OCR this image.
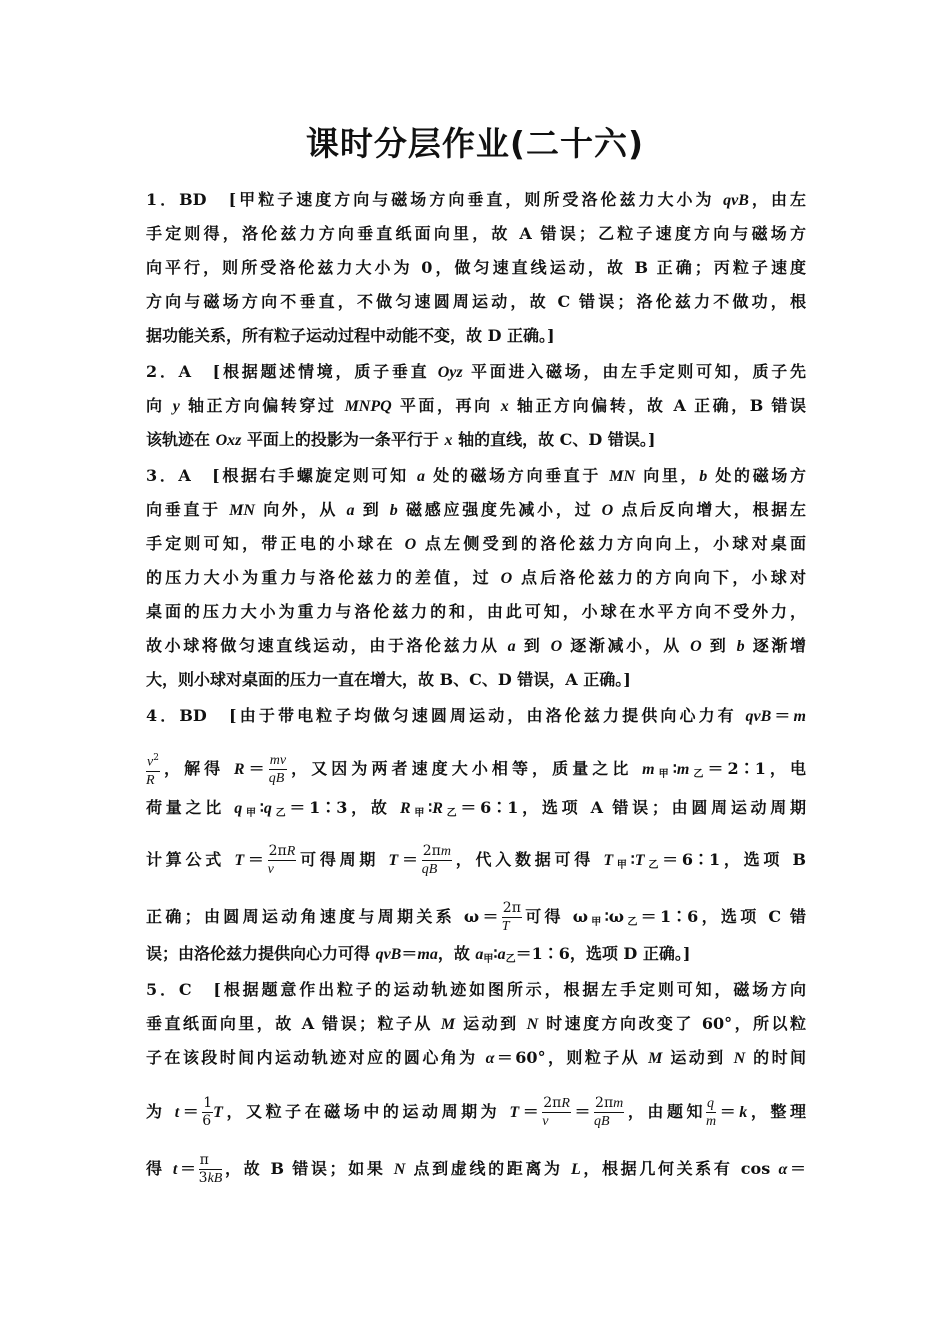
课时分层作业(二十六)
1．BD　[甲粒子速度方向与磁场方向垂直，则所受洛伦兹力大小为 qvB，由左
手定则得，洛伦兹力方向垂直纸面向里，故 A 错误；乙粒子速度方向与磁场方
向平行，则所受洛伦兹力大小为 0，做匀速直线运动，故 B 正确；丙粒子速度
方向与磁场方向不垂直，不做匀速圆周运动，故 C 错误；洛伦兹力不做功，根
据功能关系，所有粒子运动过程中动能不变，故 D 正确。]
2．A　[根据题述情境，质子垂直 Oyz 平面进入磁场，由左手定则可知，质子先
向 y 轴正方向偏转穿过 MNPQ 平面，再向 x 轴正方向偏转，故 A 正确，B 错误
该轨迹在 Oxz 平面上的投影为一条平行于 x 轴的直线，故 C、D 错误。]
3．A　[根据右手螺旋定则可知 a 处的磁场方向垂直于 MN 向里，b 处的磁场方
向垂直于 MN 向外，从 a 到 b 磁感应强度先减小，过 O 点后反向增大，根据左
手定则可知，带正电的小球在 O 点左侧受到的洛伦兹力方向向上，小球对桌面
的压力大小为重力与洛伦兹力的差值，过 O 点后洛伦兹力的方向向下，小球对
桌面的压力大小为重力与洛伦兹力的和，由此可知，小球在水平方向不受外力，
故小球将做匀速直线运动，由于洛伦兹力从 a 到 O 逐渐减小，从 O 到 b 逐渐增
大，则小球对桌面的压力一直在增大，故 B、C、D 错误，A 正确。]
4．BD　[由于带电粒子均做匀速圆周运动，由洛伦兹力提供向心力有 qvB＝m
$\frac{v^2}{R}$ ，解得 $R= \frac{mv}{qB}$ ，又因为两者速度大小相等，质量之比 $m_甲∶m_乙=2∶1$，电
荷量之比 $q_甲∶q_乙=1∶3$，故 $R_甲∶R_乙=6∶1$，选项 A 错误；由圆周运动周期
计算公式 $T= \frac{2\pi R}{v}$ 可得周期 $T= \frac{2\pi m}{qB}$ ，代入数据可得 $T_甲∶T_乙=6∶1$，选项 B
正确；由圆周运动角速度与周期关系 $\omega= \frac{2\pi}{T}$ 可得 $\omega_甲∶\omega_乙=1∶6$，选项 C 错
误；由洛伦兹力提供向心力可得 qvB＝ma，故 $a_甲∶a_乙=1∶6$，选项 D 正确。]
5．C　[根据题意作出粒子的运动轨迹如图所示，根据左手定则可知，磁场方向
垂直纸面向里，故 A 错误；粒子从 M 运动到 N 时速度方向改变了 60°，所以粒
子在该段时间内运动轨迹对应的圆心角为 α＝60°，则粒子从 M 运动到 N 的时间
为 $t= \frac{1}{6}$ T，又粒子在磁场中的运动周期为 $T= \frac{2\pi R}{v} = \frac{2\pi m}{qB}$ ，由题知 $\frac{q}{m} =k$，整理
得 $t= \frac{\pi}{3kB}$ ，故 B 错误；如果 N 点到虚线的距离为 L，根据几何关系有 cos α＝
